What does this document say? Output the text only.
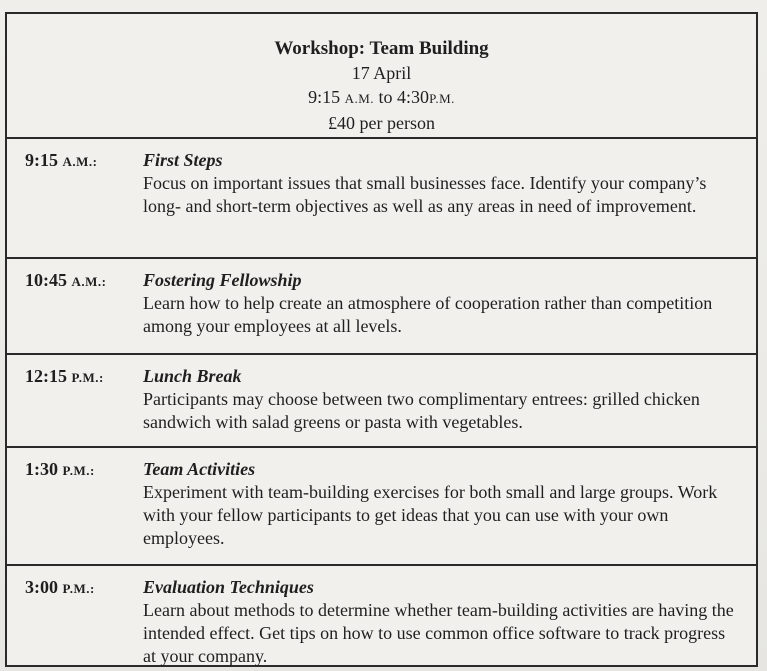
Workshop: Team Building
17 April
9:15 A.M. to 4:30P.M.
£40 per person
9:15 A.M.:	First Steps
Focus on important issues that small businesses face. Identify your company’s long- and short-term objectives as well as any areas in need of improvement.
10:45 A.M.:	Fostering Fellowship
Learn how to help create an atmosphere of cooperation rather than competition among your employees at all levels.
12:15 P.M.:	Lunch Break
Participants may choose between two complimentary entrees: grilled chicken sandwich with salad greens or pasta with vegetables.
1:30 P.M.:	Team Activities
Experiment with team-building exercises for both small and large groups. Work with your fellow participants to get ideas that you can use with your own employees.
3:00 P.M.:	Evaluation Techniques
Learn about methods to determine whether team-building activities are having the intended effect. Get tips on how to use common office software to track progress at your company.
